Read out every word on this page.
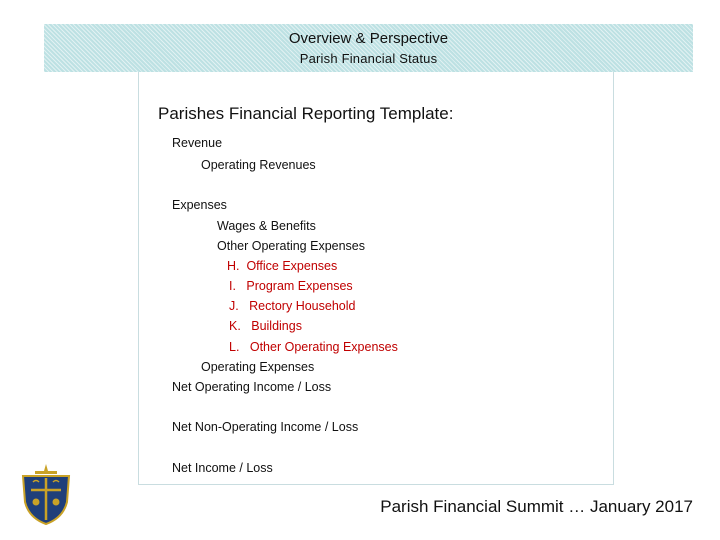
Overview & Perspective
Parish Financial Status
Parishes Financial Reporting Template:
Revenue
Operating Revenues
Expenses
Wages & Benefits
Other Operating Expenses
H. Office Expenses
I. Program Expenses
J. Rectory Household
K. Buildings
L. Other Operating Expenses
Operating Expenses
Net Operating Income / Loss
Net Non-Operating Income / Loss
Net Income / Loss
Parish Financial Summit … January 2017
